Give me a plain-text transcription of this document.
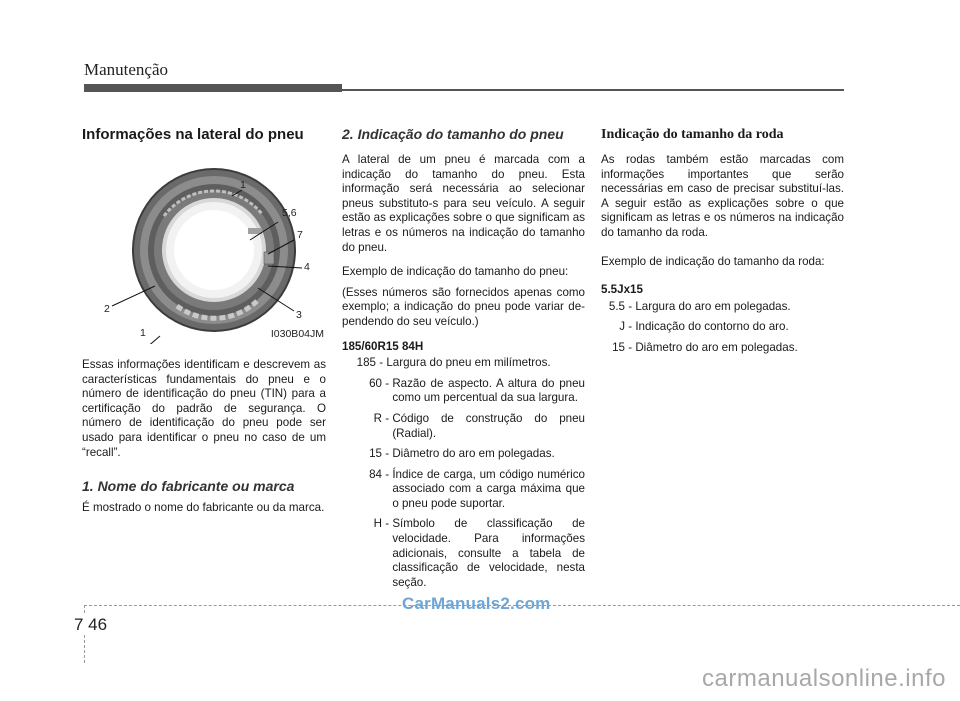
Manutenção
Informações na lateral do pneu
1
5,6
7
4
3
2
1	I030B04JM

Essas informações identificam e descrevem as características fundamentais do pneu e o número de identificação do pneu (TIN) para a certificação do padrão de segurança. O número de identificação do pneu pode ser usado para identificar o pneu no caso de um “recall”.

1. Nome do fabricante ou marca

É mostrado o nome do fabricante ou da marca.

2. Indicação do tamanho do pneu

A lateral de um pneu é marcada com a indicação do tamanho do pneu. Esta informação será necessária ao selecionar pneus substituto-s para seu veículo. A seguir estão as explicações sobre o que significam as letras e os números na indicação do tamanho do pneu.

Exemplo de indicação do tamanho do pneu:

(Esses números são fornecidos apenas como exemplo; a indicação do pneu pode variar de-pendendo do seu veículo.)

185/60R15 84H

185 - Largura do pneu em milímetros.
60 - Razão de aspecto. A altura do pneu como um percentual da sua largura.
R - Código de construção do pneu (Radial).
15 - Diâmetro do aro em polegadas.
84 - Índice de carga, um código numérico associado com a carga máxima que o pneu pode suportar.
H - Símbolo de classificação de velocidade. Para informações adicionais, consulte a tabela de classificação de velocidade, nesta seção.
Indicação do tamanho da roda

As rodas também estão marcadas com informações importantes que serão necessárias em caso de precisar substituí-las. A seguir estão as explicações sobre o que significam as letras e os números na indicação do tamanho da roda.

Exemplo de indicação do tamanho da roda:

5.5Jx15

5.5 - Largura do aro em polegadas.
J - Indicação do contorno do aro.
15 - Diâmetro do aro em polegadas.
7 46
CarManuals2.com
carmanualsonline.info
